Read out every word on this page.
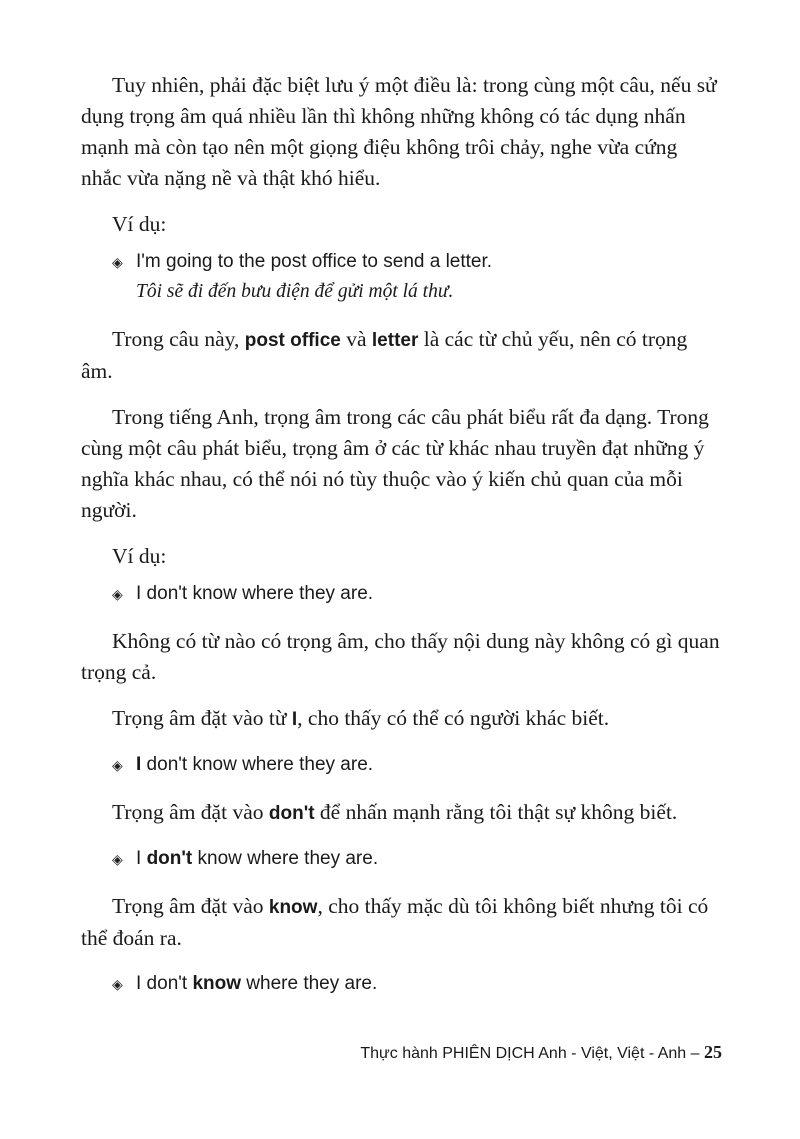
Tuy nhiên, phải đặc biệt lưu ý một điều là: trong cùng một câu, nếu sử dụng trọng âm quá nhiều lần thì không những không có tác dụng nhấn mạnh mà còn tạo nên một giọng điệu không trôi chảy, nghe vừa cứng nhắc vừa nặng nề và thật khó hiểu.

Ví dụ:

◈ I'm going to the post office to send a letter.
Tôi sẽ đi đến bưu điện để gửi một lá thư.

Trong câu này, post office và letter là các từ chủ yếu, nên có trọng âm.

Trong tiếng Anh, trọng âm trong các câu phát biểu rất đa dạng. Trong cùng một câu phát biểu, trọng âm ở các từ khác nhau truyền đạt những ý nghĩa khác nhau, có thể nói nó tùy thuộc vào ý kiến chủ quan của mỗi người.

Ví dụ:

◈ I don't know where they are.

Không có từ nào có trọng âm, cho thấy nội dung này không có gì quan trọng cả.

Trọng âm đặt vào từ I, cho thấy có thể có người khác biết.

◈ I don't know where they are.

Trọng âm đặt vào don't để nhấn mạnh rằng tôi thật sự không biết.

◈ I don't know where they are.

Trọng âm đặt vào know, cho thấy mặc dù tôi không biết nhưng tôi có thể đoán ra.

◈ I don't know where they are.
Thực hành PHIÊN DỊCH Anh - Việt, Việt - Anh – 25
